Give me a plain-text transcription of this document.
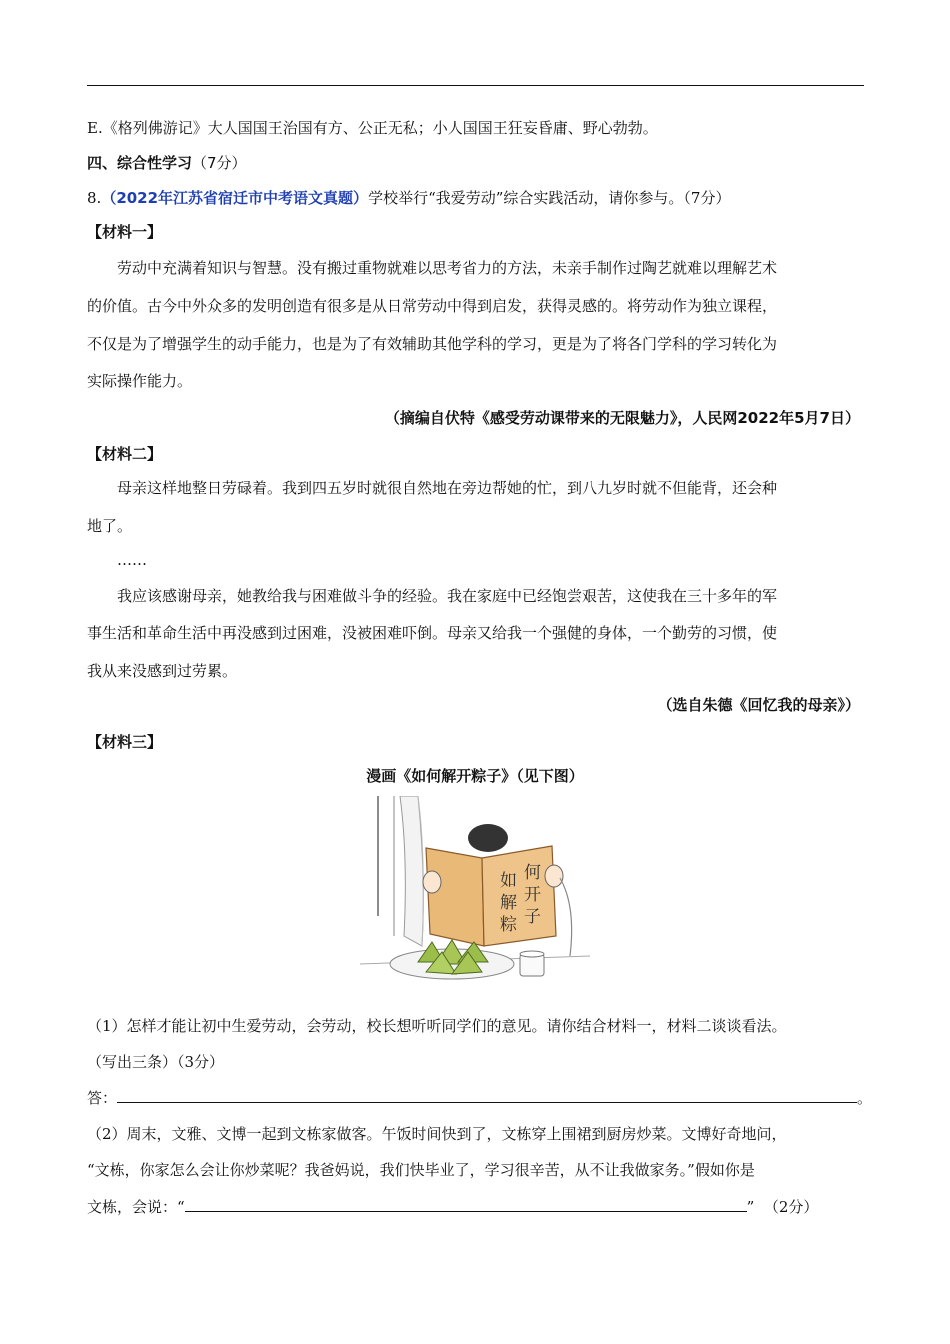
E.《格列佛游记》大人国国王治国有方、公正无私；小人国国王狂妄昏庸、野心勃勃。
四、综合性学习（7分）
8.（2022年江苏省宿迁市中考语文真题）学校举行“我爱劳动”综合实践活动，请你参与。（7分）
【材料一】
劳动中充满着知识与智慧。没有搬过重物就难以思考省力的方法，未亲手制作过陶艺就难以理解艺术
的价值。古今中外众多的发明创造有很多是从日常劳动中得到启发，获得灵感的。将劳动作为独立课程，
不仅是为了增强学生的动手能力，也是为了有效辅助其他学科的学习，更是为了将各门学科的学习转化为
实际操作能力。
（摘编自伏特《感受劳动课带来的无限魅力》，人民网2022年5月7日）
【材料二】
母亲这样地整日劳碌着。我到四五岁时就很自然地在旁边帮她的忙，到八九岁时就不但能背，还会种
地了。
……
我应该感谢母亲，她教给我与困难做斗争的经验。我在家庭中已经饱尝艰苦，这使我在三十多年的军
事生活和革命生活中再没感到过困难，没被困难吓倒。母亲又给我一个强健的身体，一个勤劳的习惯，使
我从来没感到过劳累。
（选自朱德《回忆我的母亲》）
【材料三】
漫画《如何解开粽子》（见下图）
如 何
解 开
粽 子
（1）怎样才能让初中生爱劳动，会劳动，校长想听听同学们的意见。请你结合材料一，材料二谈谈看法。
（写出三条）（3分）
答：	。
（2）周末，文雅、文博一起到文栋家做客。午饭时间快到了，文栋穿上围裙到厨房炒菜。文博好奇地问，
“文栋，你家怎么会让你炒菜呢？我爸妈说，我们快毕业了，学习很辛苦，从不让我做家务。”假如你是
文栋，会说：“	” （2分）
